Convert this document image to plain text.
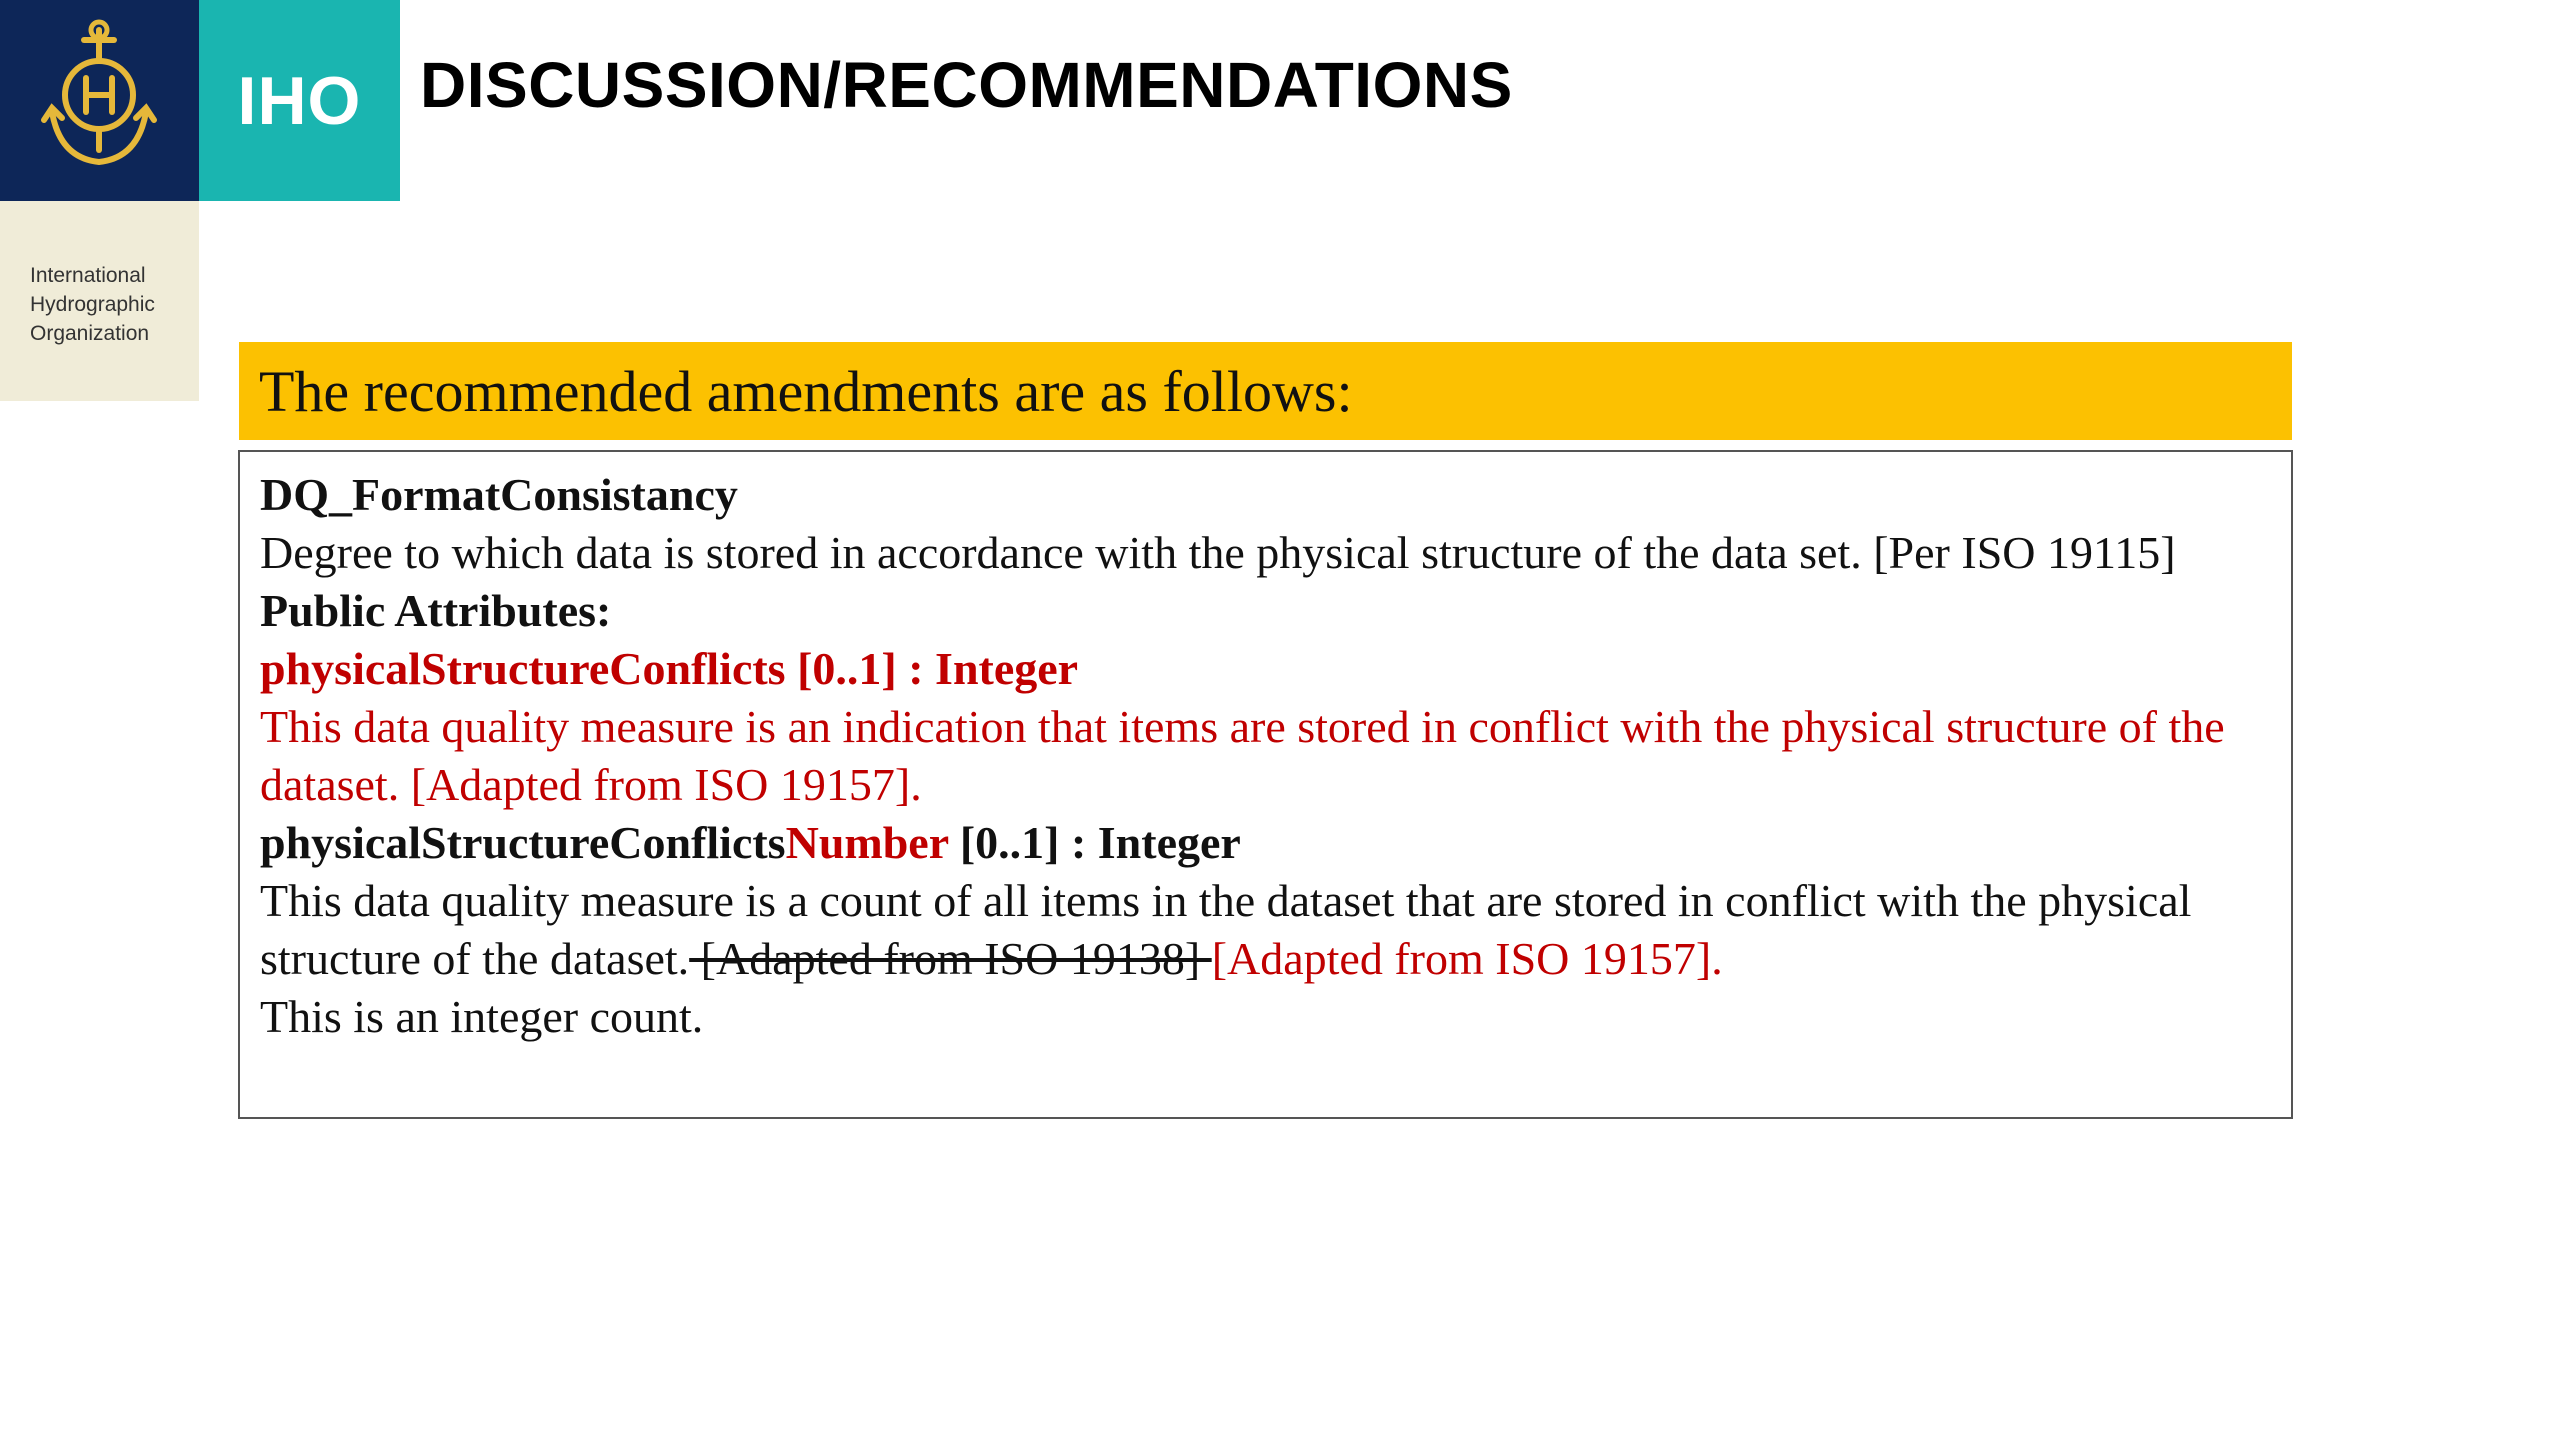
IHO
International
Hydrographic
Organization
DISCUSSION/RECOMMENDATIONS
The recommended amendments are as follows:
DQ_FormatConsistancy
Degree to which data is stored in accordance with the physical structure of the data set. [Per ISO 19115]
Public Attributes:
physicalStructureConflicts [0..1] : Integer
This data quality measure is an indication that items are stored in conflict with the physical structure of the dataset. [Adapted from ISO 19157].
physicalStructureConflictsNumber [0..1] : Integer
This data quality measure is a count of all items in the dataset that are stored in conflict with the physical structure of the dataset. [Adapted from ISO 19138] [Adapted from ISO 19157].
This is an integer count.
